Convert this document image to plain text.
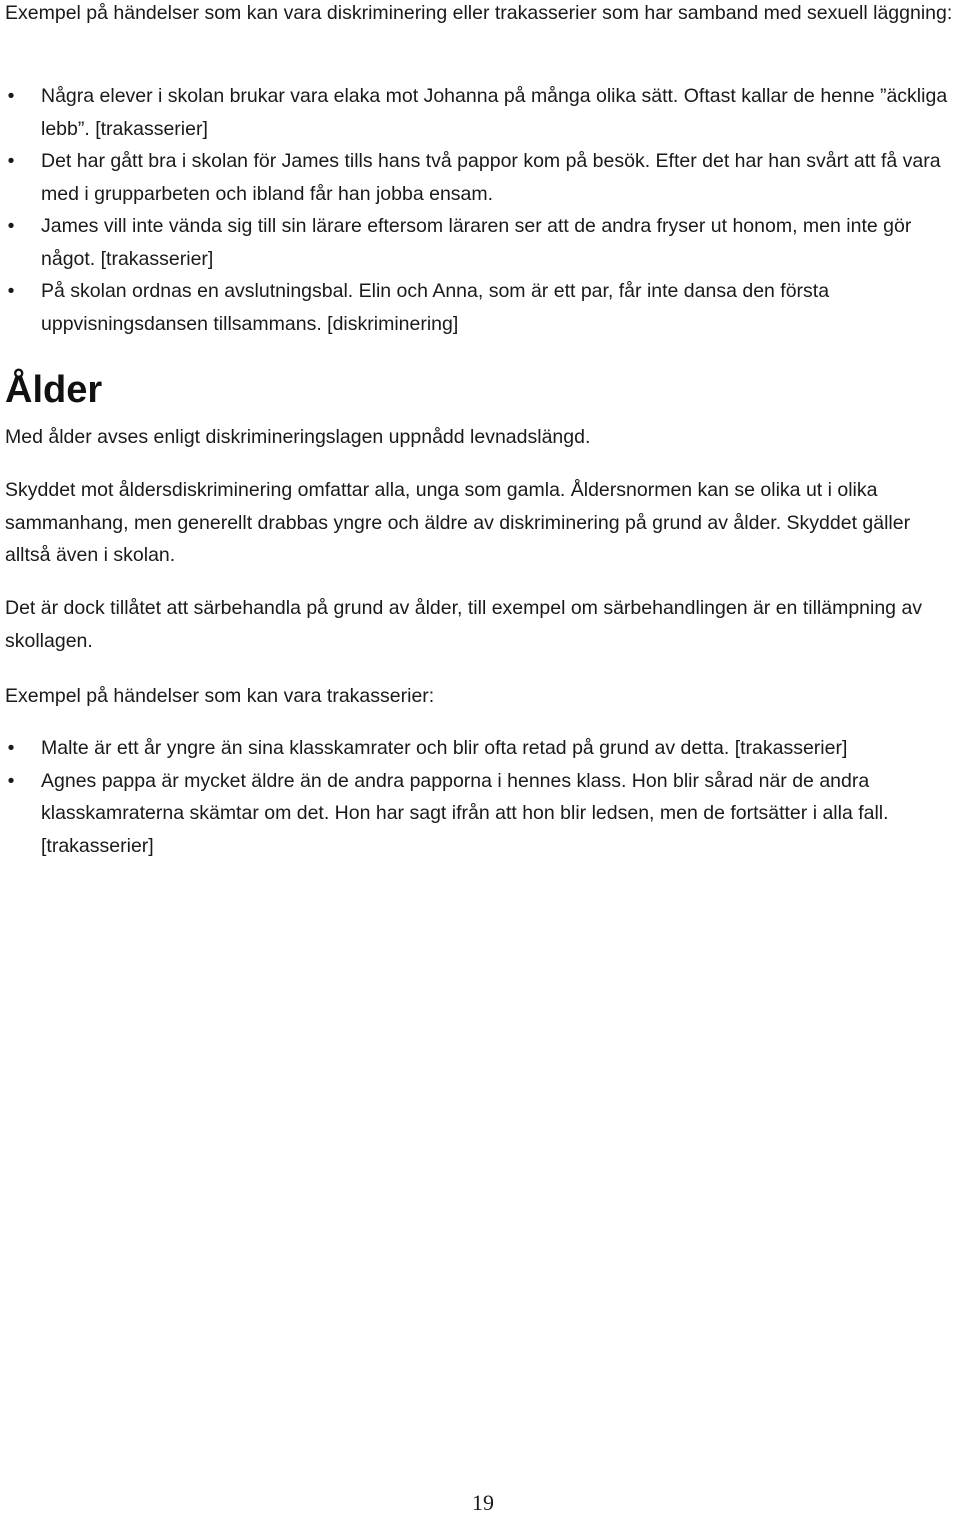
Exempel på händelser som kan vara diskriminering eller trakasserier som har samband med sexuell läggning:

• Några elever i skolan brukar vara elaka mot Johanna på många olika sätt. Oftast kallar de henne ”äckliga lebb”. [trakasserier]
• Det har gått bra i skolan för James tills hans två pappor kom på besök. Efter det har han svårt att få vara med i grupparbeten och ibland får han jobba ensam.
• James vill inte vända sig till sin lärare eftersom läraren ser att de andra fryser ut honom, men inte gör något. [trakasserier]
• På skolan ordnas en avslutningsbal. Elin och Anna, som är ett par, får inte dansa den första uppvisningsdansen tillsammans. [diskriminering]
Ålder

Med ålder avses enligt diskrimineringslagen uppnådd levnadslängd.

Skyddet mot åldersdiskriminering omfattar alla, unga som gamla. Åldersnormen kan se olika ut i olika sammanhang, men generellt drabbas yngre och äldre av diskriminering på grund av ålder. Skyddet gäller alltså även i skolan.

Det är dock tillåtet att särbehandla på grund av ålder, till exempel om särbehandlingen är en tillämpning av skollagen.

Exempel på händelser som kan vara trakasserier:

• Malte är ett år yngre än sina klasskamrater och blir ofta retad på grund av detta. [trakasserier]
• Agnes pappa är mycket äldre än de andra papporna i hennes klass. Hon blir sårad när de andra klasskamraterna skämtar om det. Hon har sagt ifrån att hon blir ledsen, men de fortsätter i alla fall. [trakasserier]
19
